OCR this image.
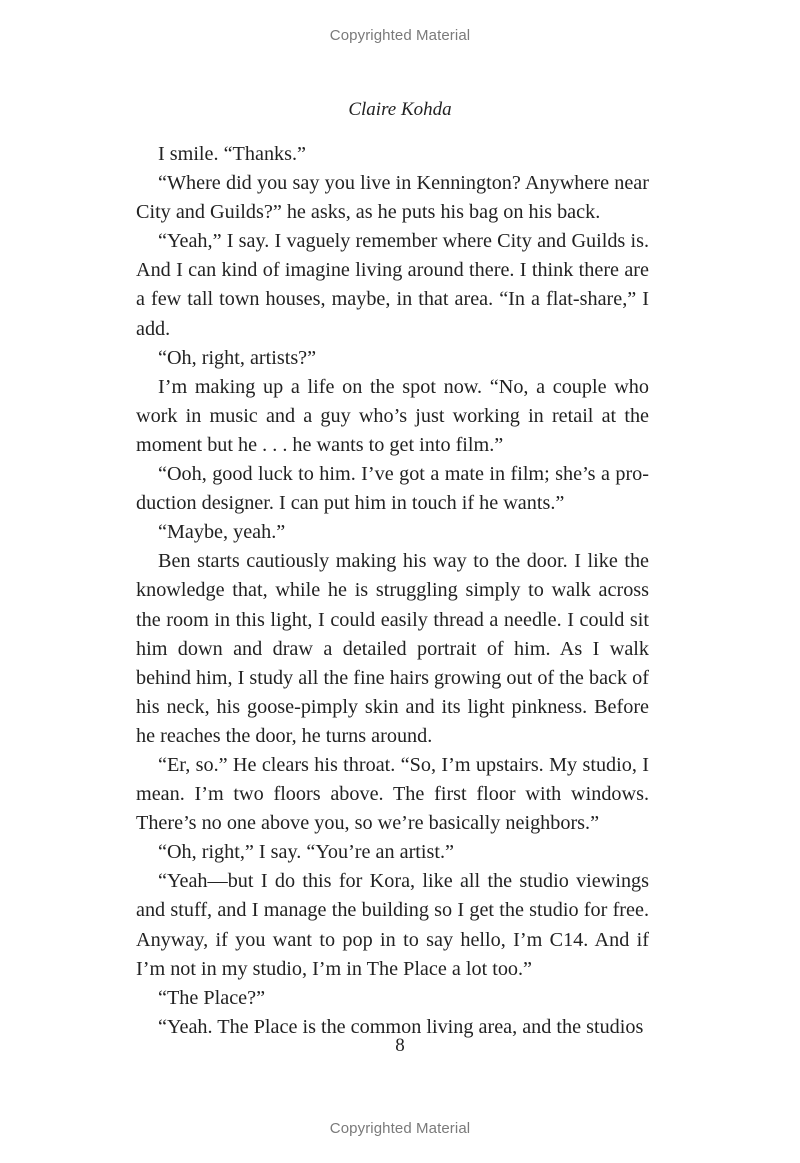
Copyrighted Material
Claire Kohda

I smile. “Thanks.”

“Where did you say you live in Kennington? Anywhere near City and Guilds?” he asks, as he puts his bag on his back.

“Yeah,” I say. I vaguely remember where City and Guilds is. And I can kind of imagine living around there. I think there are a few tall town houses, maybe, in that area. “In a flat-share,” I add.

“Oh, right, artists?”

I’m making up a life on the spot now. “No, a couple who work in music and a guy who’s just working in retail at the moment but he . . . he wants to get into film.”

“Ooh, good luck to him. I’ve got a mate in film; she’s a production designer. I can put him in touch if he wants.”

“Maybe, yeah.”

Ben starts cautiously making his way to the door. I like the knowledge that, while he is struggling simply to walk across the room in this light, I could easily thread a needle. I could sit him down and draw a detailed portrait of him. As I walk behind him, I study all the fine hairs growing out of the back of his neck, his goose-pimply skin and its light pinkness. Before he reaches the door, he turns around.

“Er, so.” He clears his throat. “So, I’m upstairs. My studio, I mean. I’m two floors above. The first floor with windows. There’s no one above you, so we’re basically neighbors.”

“Oh, right,” I say. “You’re an artist.”

“Yeah—but I do this for Kora, like all the studio viewings and stuff, and I manage the building so I get the studio for free. Anyway, if you want to pop in to say hello, I’m C14. And if I’m not in my studio, I’m in The Place a lot too.”

“The Place?”

“Yeah. The Place is the common living area, and the studios

8
Copyrighted Material
